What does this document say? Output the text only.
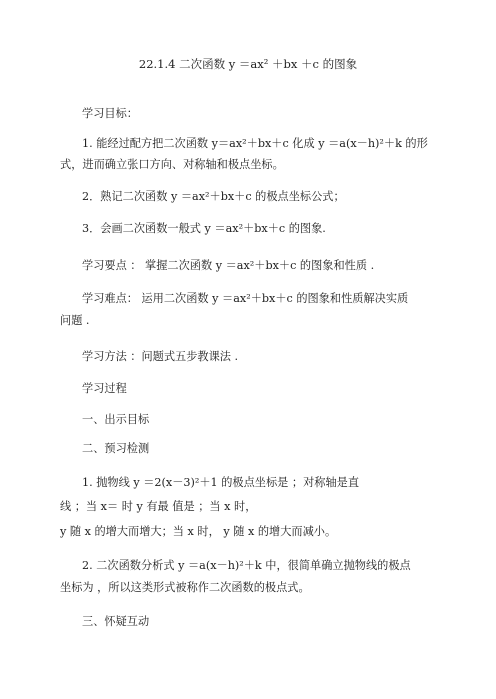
22.1.4 二次函数 y ＝ax² ＋bx ＋c 的图象
学习目标：
1. 能经过配方把二次函数 y＝ax²＋bx＋c 化成 y ＝a(x－h)²＋k 的形
式，进而确立张口方向、对称轴和极点坐标。
2．熟记二次函数 y ＝ax²＋bx＋c 的极点坐标公式；
3．会画二次函数一般式 y ＝ax²＋bx＋c 的图象.
学习要点 ： 掌握二次函数 y ＝ax²＋bx＋c 的图象和性质 .
学习难点： 运用二次函数 y ＝ax²＋bx＋c 的图象和性质解决实质
问题 .
学习方法 ：问题式五步教课法 .
学习过程
一、出示目标
二、预习检测
1. 抛物线 y ＝2(x－3)²＋1 的极点坐标是 ；对称轴是直
线 ；当 x＝ 时 y 有最 值是 ；当 x 时，
y 随 x 的增大而增大；当 x 时， y 随 x 的增大而减小。
2. 二次函数分析式 y ＝a(x－h)²＋k 中，很简单确立抛物线的极点
坐标为 ，所以这类形式被称作二次函数的极点式。
三、怀疑互动
